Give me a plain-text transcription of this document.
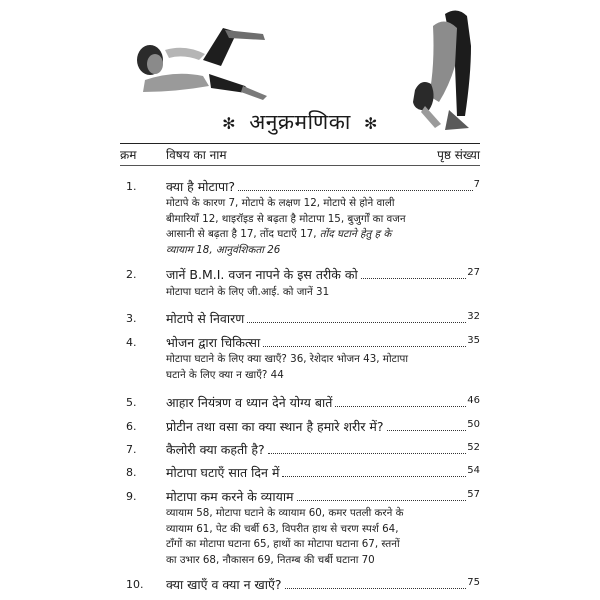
✻ अनुक्रमणिका ✻
क्रम विषय का नाम	पृष्ठ संख्या
1. क्या है मोटापा?	7
मोटापे के कारण 7, मोटापे के लक्षण 12, मोटापे से होने वाली
बीमारियाँ 12, थाइरॉइड से बढ़ता है मोटापा 15, बुजुर्गों का वजन
आसानी से बढ़ता है 17, तोंद घटाएँ 17, तोंद घटाने हेतु ह के
व्यायाम 18, आनुवंशिकता 26
2. जानें B.M.I. वजन नापने के इस तरीके को	27
मोटापा घटाने के लिए जी.आई. को जानें 31
3. मोटापे से निवारण	32
4. भोजन द्वारा चिकित्सा	35
मोटापा घटाने के लिए क्या खाएँ? 36, रेशेदार भोजन 43, मोटापा
घटाने के लिए क्या न खाएँ? 44
5. आहार नियंत्रण व ध्यान देने योग्य बातें	46
6. प्रोटीन तथा वसा का क्या स्थान है हमारे शरीर में?	50
7. कैलोरी क्या कहती है?	52
8. मोटापा घटाएँ सात दिन में	54
9. मोटापा कम करने के व्यायाम	57
व्यायाम 58, मोटापा घटाने के व्यायाम 60, कमर पतली करने के
व्यायाम 61, पेट की चर्बी 63, विपरीत हाथ से चरण स्पर्श 64,
टाँगों का मोटापा घटाना 65, हाथों का मोटापा घटाना 67, स्तनों
का उभार 68, नौकासन 69, नितम्ब की चर्बी घटाना 70
10. क्या खाएँ व क्या न खाएँ?	75
